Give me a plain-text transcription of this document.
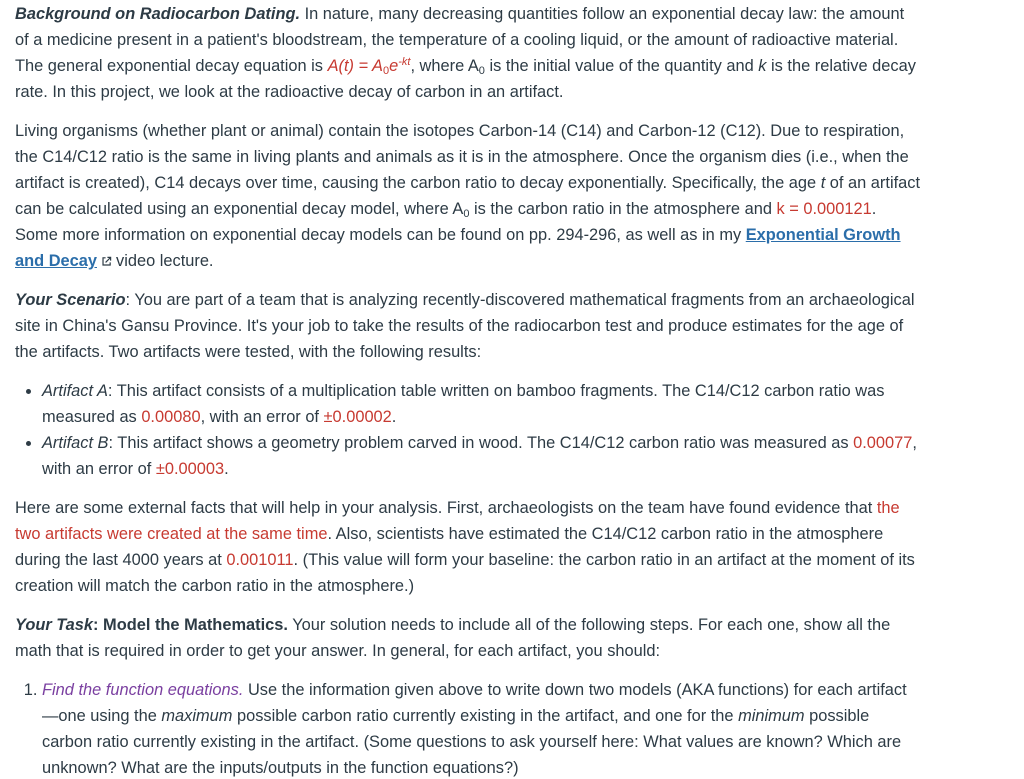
Background on Radiocarbon Dating. In nature, many decreasing quantities follow an exponential decay law: the amount of a medicine present in a patient's bloodstream, the temperature of a cooling liquid, or the amount of radioactive material. The general exponential decay equation is $A(t) = A_0e^{-kt}$, where $A_0$ is the initial value of the quantity and k is the relative decay rate. In this project, we look at the radioactive decay of carbon in an artifact.

Living organisms (whether plant or animal) contain the isotopes Carbon-14 (C14) and Carbon-12 (C12). Due to respiration, the C14/C12 ratio is the same in living plants and animals as it is in the atmosphere. Once the organism dies (i.e., when the artifact is created), C14 decays over time, causing the carbon ratio to decay exponentially. Specifically, the age t of an artifact can be calculated using an exponential decay model, where $A_0$ is the carbon ratio in the atmosphere and k = 0.000121. Some more information on exponential decay models can be found on pp. 294-296, as well as in my Exponential Growth and Decay video lecture.

Your Scenario: You are part of a team that is analyzing recently-discovered mathematical fragments from an archaeological site in China's Gansu Province. It's your job to take the results of the radiocarbon test and produce estimates for the age of the artifacts. Two artifacts were tested, with the following results:

• Artifact A: This artifact consists of a multiplication table written on bamboo fragments. The C14/C12 carbon ratio was measured as 0.00080, with an error of ±0.00002.
• Artifact B: This artifact shows a geometry problem carved in wood. The C14/C12 carbon ratio was measured as 0.00077, with an error of ±0.00003.

Here are some external facts that will help in your analysis. First, archaeologists on the team have found evidence that the two artifacts were created at the same time. Also, scientists have estimated the C14/C12 carbon ratio in the atmosphere during the last 4000 years at 0.001011. (This value will form your baseline: the carbon ratio in an artifact at the moment of its creation will match the carbon ratio in the atmosphere.)

Your Task: Model the Mathematics. Your solution needs to include all of the following steps. For each one, show all the math that is required in order to get your answer. In general, for each artifact, you should:

1. Find the function equations. Use the information given above to write down two models (AKA functions) for each artifact—one using the maximum possible carbon ratio currently existing in the artifact, and one for the minimum possible carbon ratio currently existing in the artifact. (Some questions to ask yourself here: What values are known? Which are unknown? What are the inputs/outputs in the function equations?)
